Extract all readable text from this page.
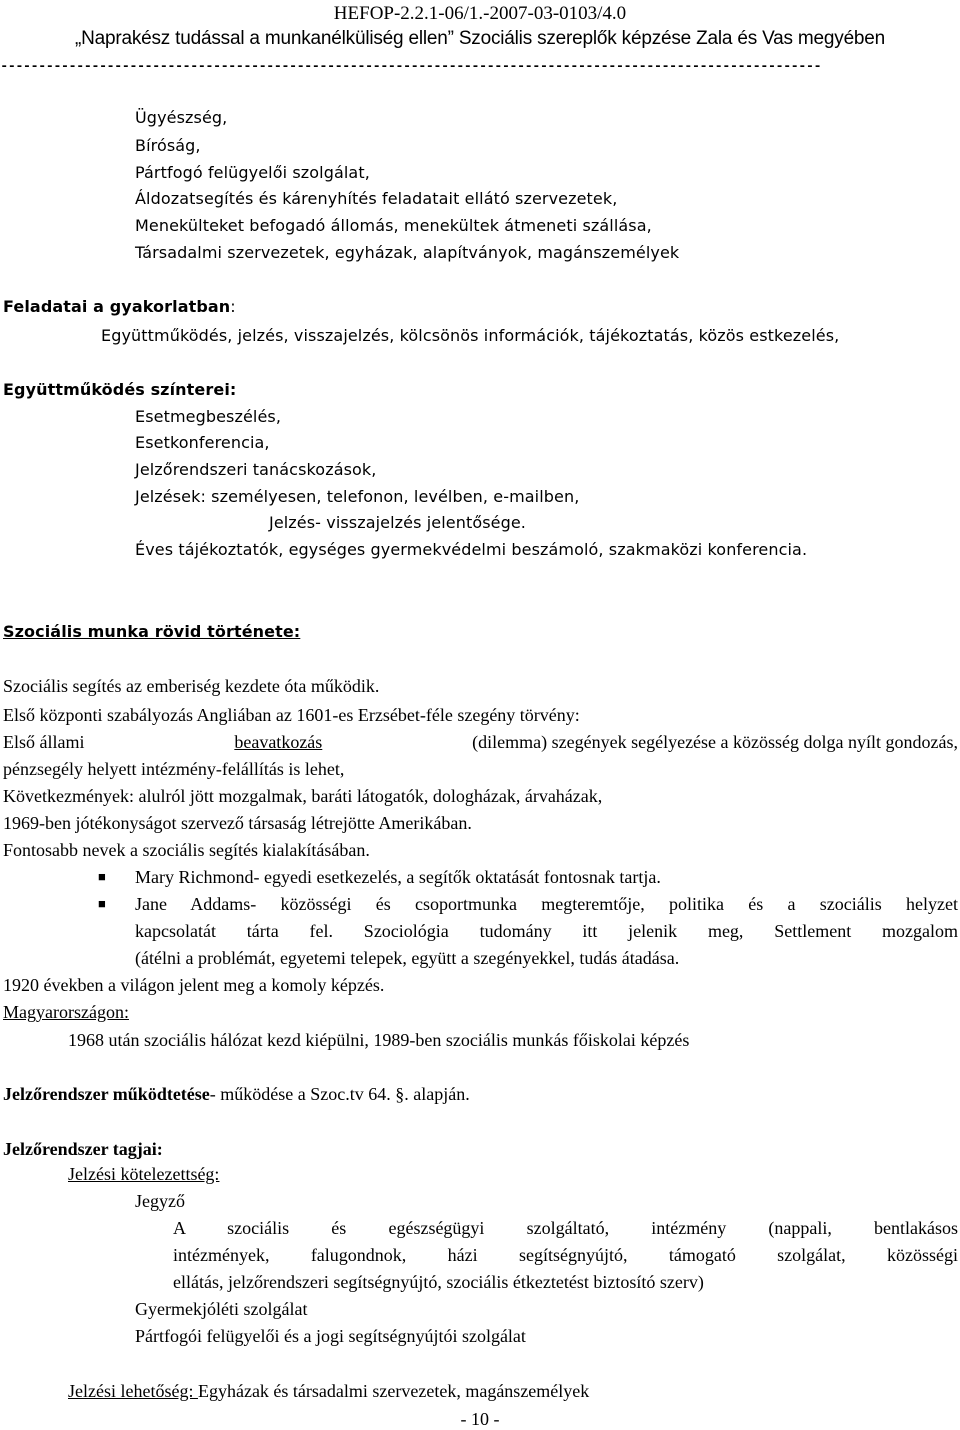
HEFOP-2.2.1-06/1.-2007-03-0103/4.0
„Naprakész tudással a munkanélküliség ellen” Szociális szereplők képzése Zala és Vas megyében
------------------------------------------------------------------------------------------------------------
Ügyészség,
Bíróság,
Pártfogó felügyelői szolgálat,
Áldozatsegítés és kárenyhítés feladatait ellátó szervezetek,
Menekülteket befogadó állomás, menekültek átmeneti szállása,
Társadalmi szervezetek, egyházak, alapítványok, magánszemélyek
Feladatai a gyakorlatban:
Együttműködés, jelzés, visszajelzés, kölcsönös információk, tájékoztatás, közös estkezelés,
Együttműködés színterei:
Esetmegbeszélés,
Esetkonferencia,
Jelzőrendszeri tanácskozások,
Jelzések: személyesen, telefonon, levélben, e-mailben,
Jelzés- visszajelzés jelentősége.
Éves tájékoztatók, egységes gyermekvédelmi beszámoló, szakmaközi konferencia.
Szociális munka rövid története:
Szociális segítés az emberiség kezdete óta működik.
Első központi szabályozás Angliában az 1601-es Erzsébet-féle szegény törvény:
Első állami	beavatkozás	(dilemma) szegények segélyezése a közösség dolga nyílt gondozás,
pénzsegély helyett intézmény-felállítás is lehet,
Következmények: alulról jött mozgalmak, baráti látogatók, dologházak, árvaházak,
1969-ben jótékonyságot szervező társaság létrejötte Amerikában.
Fontosabb nevek a szociális segítés kialakításában.
■ Mary Richmond- egyedi esetkezelés, a segítők oktatását fontosnak tartja.
■ Jane Addams- közösségi és csoportmunka megteremtője, politika és a szociális helyzet
kapcsolatát tárta fel. Szociológia tudomány itt jelenik meg, Settlement mozgalom
(átélni a problémát, egyetemi telepek, együtt a szegényekkel, tudás átadása.
1920 években a világon jelent meg a komoly képzés.
Magyarországon:
1968 után szociális hálózat kezd kiépülni, 1989-ben szociális munkás főiskolai képzés
Jelzőrendszer működtetése- működése a Szoc.tv 64. §. alapján.
Jelzőrendszer tagjai:
Jelzési kötelezettség:
Jegyző
A szociális és egészségügyi szolgáltató, intézmény (nappali, bentlakásos
intézmények, falugondnok, házi segítségnyújtó, támogató szolgálat, közösségi
ellátás, jelzőrendszeri segítségnyújtó, szociális étkeztetést biztosító szerv)
Gyermekjóléti szolgálat
Pártfogói felügyelői és a jogi segítségnyújtói szolgálat
Jelzési lehetőség: Egyházak és társadalmi szervezetek, magánszemélyek
- 10 -
